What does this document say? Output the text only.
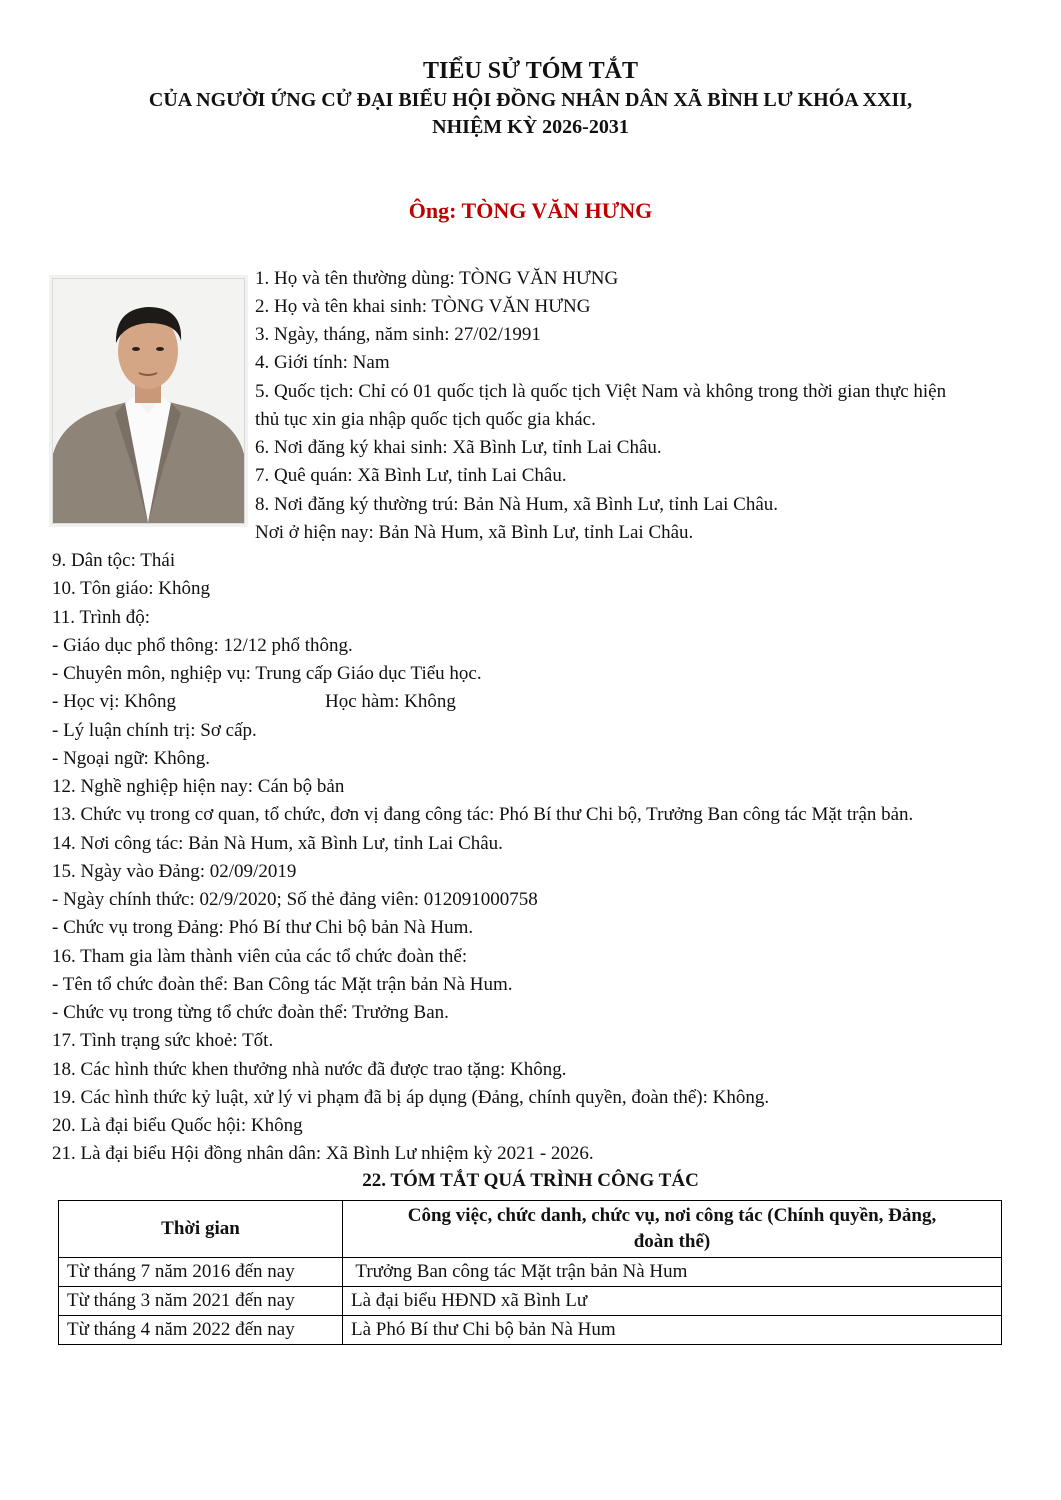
TIỂU SỬ TÓM TẮT
CỦA NGƯỜI ỨNG CỬ ĐẠI BIỂU HỘI ĐỒNG NHÂN DÂN XÃ BÌNH LƯ KHÓA XXII,
NHIỆM KỲ 2026-2031
Ông: TÒNG VĂN HƯNG
1. Họ và tên thường dùng: TÒNG VĂN HƯNG
2. Họ và tên khai sinh: TÒNG VĂN HƯNG
3. Ngày, tháng, năm sinh: 27/02/1991
4. Giới tính: Nam
5. Quốc tịch: Chỉ có 01 quốc tịch là quốc tịch Việt Nam và không trong thời gian thực hiện
thủ tục xin gia nhập quốc tịch quốc gia khác.
6. Nơi đăng ký khai sinh: Xã Bình Lư, tỉnh Lai Châu.
7. Quê quán: Xã Bình Lư, tỉnh Lai Châu.
8. Nơi đăng ký thường trú: Bản Nà Hum, xã Bình Lư, tỉnh Lai Châu.
Nơi ở hiện nay: Bản Nà Hum, xã Bình Lư, tỉnh Lai Châu.
9. Dân tộc: Thái
10. Tôn giáo: Không
11. Trình độ:
- Giáo dục phổ thông: 12/12 phổ thông.
- Chuyên môn, nghiệp vụ: Trung cấp Giáo dục Tiểu học.
- Học vị: Không	Học hàm: Không
- Lý luận chính trị: Sơ cấp.
- Ngoại ngữ: Không.
12. Nghề nghiệp hiện nay: Cán bộ bản
13. Chức vụ trong cơ quan, tổ chức, đơn vị đang công tác: Phó Bí thư Chi bộ, Trưởng Ban công tác Mặt trận bản.
14. Nơi công tác: Bản Nà Hum, xã Bình Lư, tỉnh Lai Châu.
15. Ngày vào Đảng: 02/09/2019
- Ngày chính thức: 02/9/2020; Số thẻ đảng viên: 012091000758
- Chức vụ trong Đảng: Phó Bí thư Chi bộ bản Nà Hum.
16. Tham gia làm thành viên của các tổ chức đoàn thể:
- Tên tổ chức đoàn thể: Ban Công tác Mặt trận bản Nà Hum.
- Chức vụ trong từng tổ chức đoàn thể: Trưởng Ban.
17. Tình trạng sức khoẻ: Tốt.
18. Các hình thức khen thưởng nhà nước đã được trao tặng: Không.
19. Các hình thức kỷ luật, xử lý vi phạm đã bị áp dụng (Đảng, chính quyền, đoàn thể): Không.
20. Là đại biểu Quốc hội: Không
21. Là đại biểu Hội đồng nhân dân: Xã Bình Lư nhiệm kỳ 2021 - 2026.
22. TÓM TẮT QUÁ TRÌNH CÔNG TÁC
Thời gian	Công việc, chức danh, chức vụ, nơi công tác (Chính quyền, Đảng,
đoàn thể)
Từ tháng 7 năm 2016 đến nay	Trưởng Ban công tác Mặt trận bản Nà Hum
Từ tháng 3 năm 2021 đến nay	Là đại biểu HĐND xã Bình Lư
Từ tháng 4 năm 2022 đến nay	Là Phó Bí thư Chi bộ bản Nà Hum
